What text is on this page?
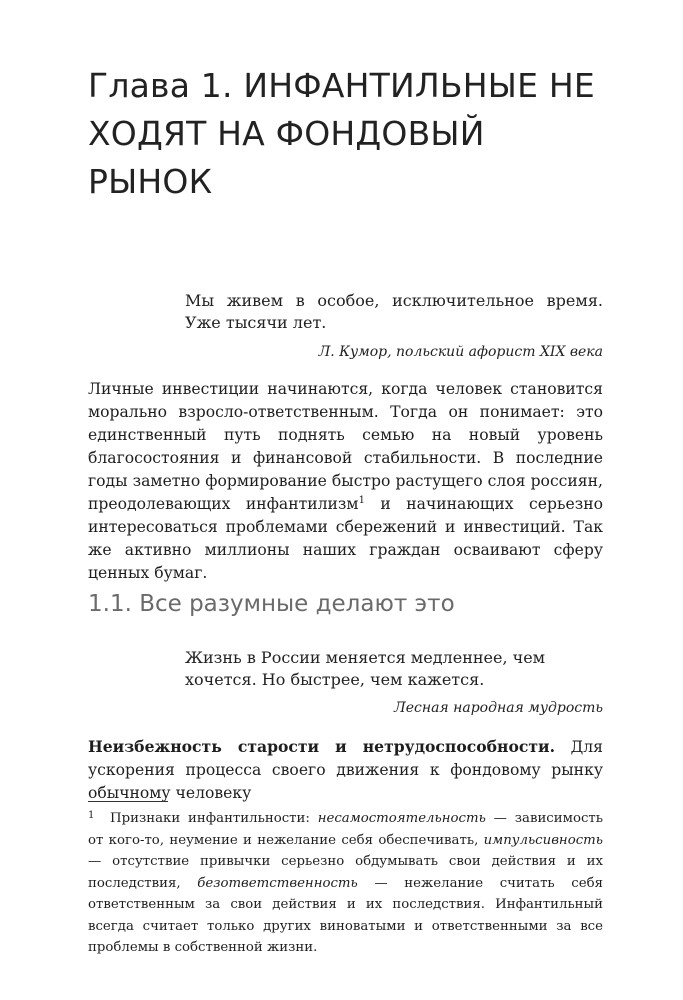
Глава 1. ИНФАНТИЛЬНЫЕ НЕ ХОДЯТ НА ФОНДОВЫЙ РЫНОК

Мы живем в особое, исключительное время. Уже тысячи лет.

Л. Кумор, польский афорист XIX века

Личные инвестиции начинаются, когда человек становится морально взросло-ответственным. Тогда он понимает: это единственный путь поднять семью на новый уровень благосостояния и финансовой стабильности. В последние годы заметно формирование быстро растущего слоя россиян, преодолевающих инфантилизм$^1$ и начинающих серьезно интересоваться проблемами сбережений и инвестиций. Так же активно миллионы наших граждан осваивают сферу ценных бумаг.

1.1. Все разумные делают это

Жизнь в России меняется медленнее, чем хочется. Но быстрее, чем кажется.

Лесная народная мудрость

Неизбежность старости и нетрудоспособности. Для ускорения процесса своего движения к фондовому рынку обычному человеку

1 Признаки инфантильности: несамостоятельность — зависимость от кого-то, неумение и нежелание себя обеспечивать, импульсивность — отсутствие привычки серьезно обдумывать свои действия и их последствия, безответственность — нежелание считать себя ответственным за свои действия и их последствия. Инфантильный всегда считает только других виноватыми и ответственными за все проблемы в собственной жизни.
